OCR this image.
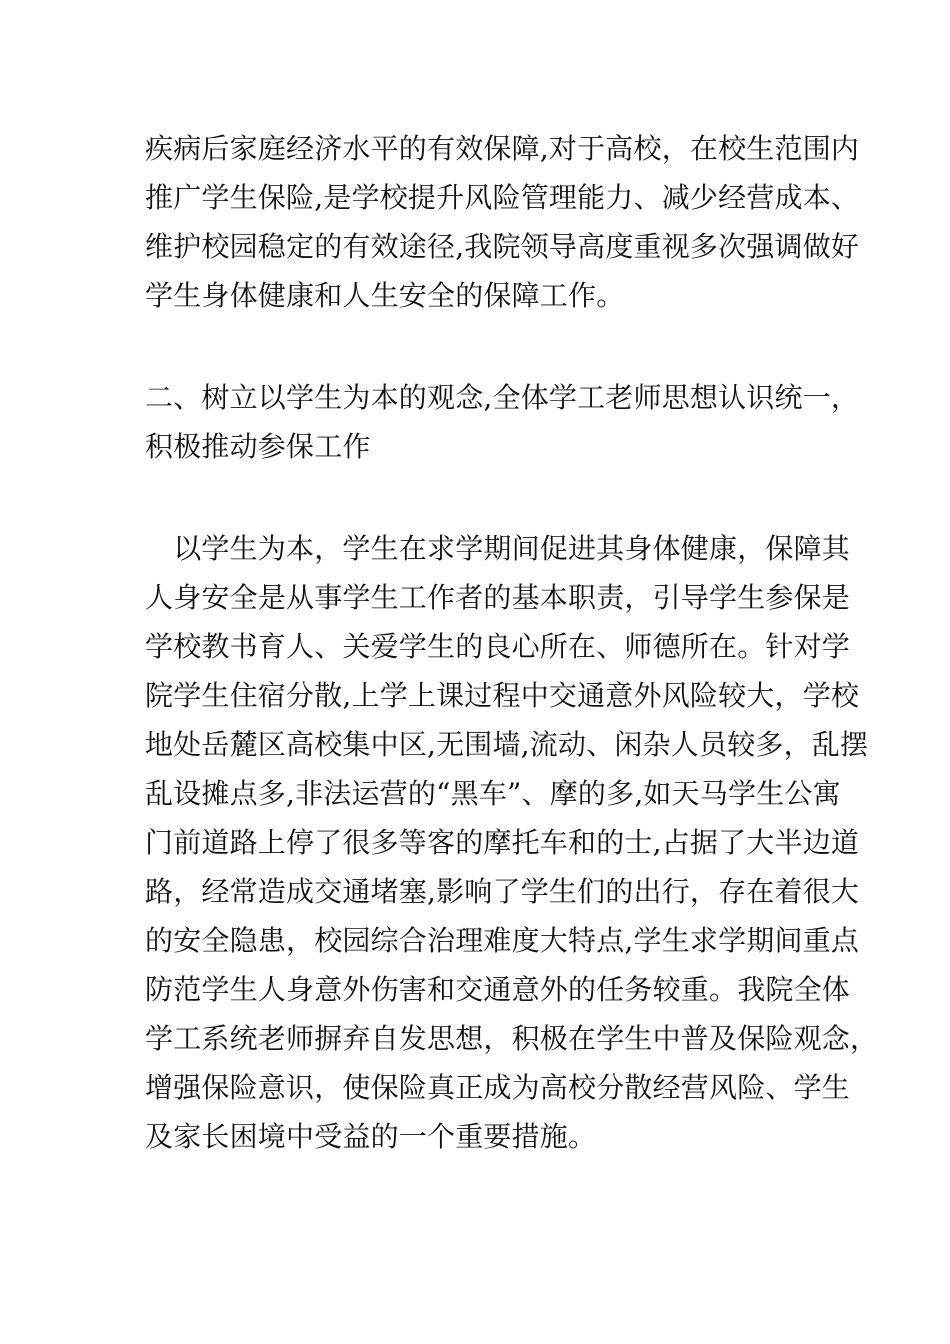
疾病后家庭经济水平的有效保障,对于高校，在校生范围内
推广学生保险,是学校提升风险管理能力、减少经营成本、
维护校园稳定的有效途径,我院领导高度重视多次强调做好
学生身体健康和人生安全的保障工作。
二、树立以学生为本的观念,全体学工老师思想认识统一，
积极推动参保工作
　以学生为本，学生在求学期间促进其身体健康，保障其
人身安全是从事学生工作者的基本职责，引导学生参保是
学校教书育人、关爱学生的良心所在、师德所在。针对学
院学生住宿分散,上学上课过程中交通意外风险较大，学校
地处岳麓区高校集中区,无围墙,流动、闲杂人员较多，乱摆
乱设摊点多,非法运营的“黑车”、摩的多,如天马学生公寓
门前道路上停了很多等客的摩托车和的士,占据了大半边道
路，经常造成交通堵塞,影响了学生们的出行，存在着很大
的安全隐患，校园综合治理难度大特点,学生求学期间重点
防范学生人身意外伤害和交通意外的任务较重。我院全体
学工系统老师摒弃自发思想，积极在学生中普及保险观念，
增强保险意识，使保险真正成为高校分散经营风险、学生
及家长困境中受益的一个重要措施。
